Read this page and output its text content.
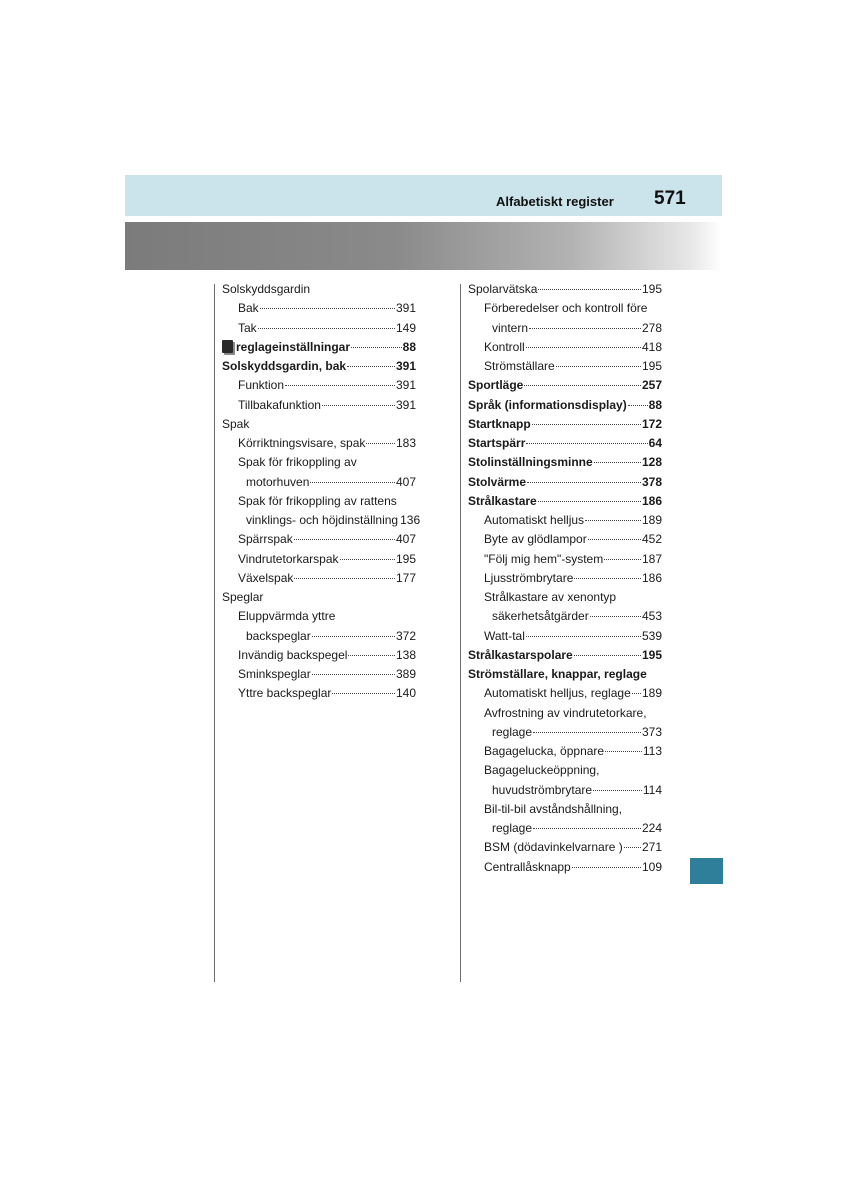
Alfabetiskt register 571
Solskyddsgardin
Bak	391
Tak	149
reglageinställningar	88
Solskyddsgardin, bak	391
Funktion	391
Tillbakafunktion	391
Spak
Körriktningsvisare, spak	183
Spak för frikoppling av
motorhuven	407
Spak för frikoppling av rattens
vinklings- och höjdinställning 136
Spärrspak	407
Vindrutetorkarspak	195
Växelspak	177
Speglar
Eluppvärmda yttre
backspeglar	372
Invändig backspegel	138
Sminkspeglar	389
Yttre backspeglar	140
Spolarvätska	195
Förberedelser och kontroll före
vintern	278
Kontroll	418
Strömställare	195
Sportläge	257
Språk (informationsdisplay) 88
Startknapp	172
Startspärr	64
Stolinställningsminne	128
Stolvärme	378
Strålkastare	186
Automatiskt helljus	189
Byte av glödlampor	452
"Följ mig hem"-system	187
Ljusströmbrytare	186
Strålkastare av xenontyp
säkerhetsåtgärder	453
Watt-tal	539
Strålkastarspolare	195
Strömställare, knappar, reglage
Automatiskt helljus, reglage 189
Avfrostning av vindrutetorkare,
reglage	373
Bagagelucka, öppnare	113
Bagageluckeöppning,
huvudströmbrytare	114
Bil-til-bil avståndshållning,
reglage	224
BSM (dödavinkelvarnare ) 271
Centrallåsknapp	109
